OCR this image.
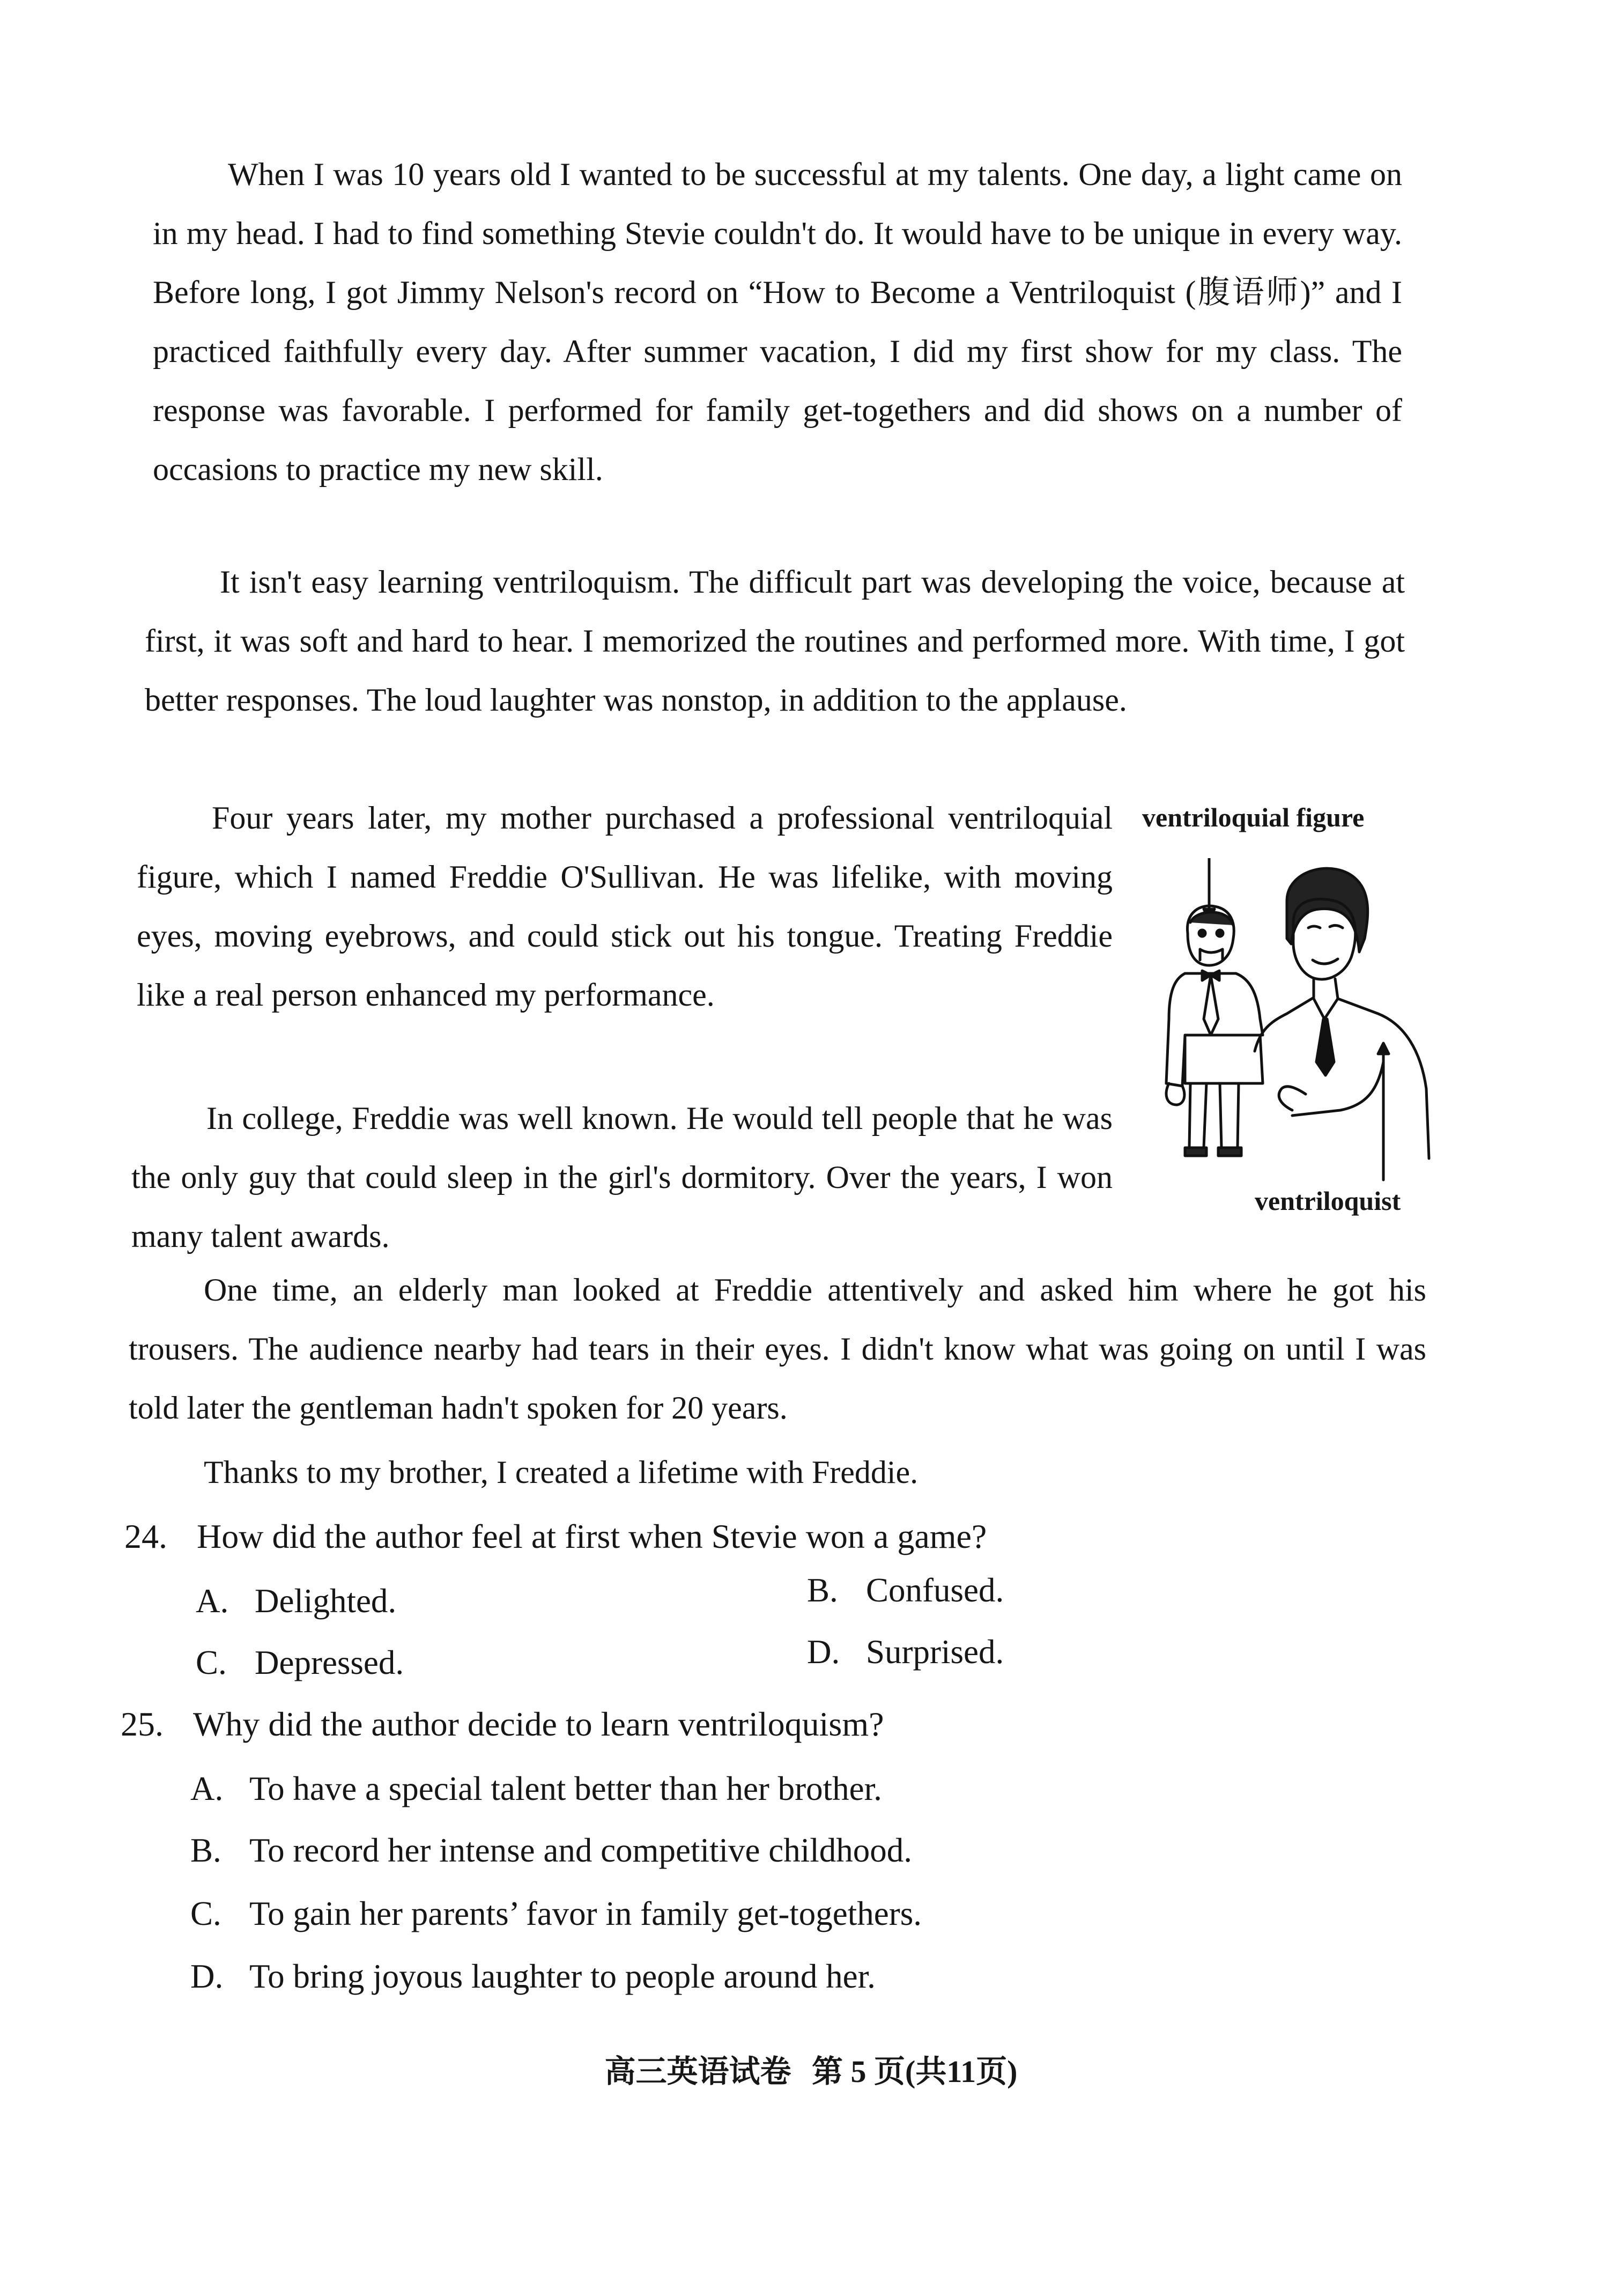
When I was 10 years old I wanted to be successful at my talents. One day, a light came on in my head. I had to find something Stevie couldn't do. It would have to be unique in every way. Before long, I got Jimmy Nelson's record on “How to Become a Ventriloquist (腹语师)” and I practiced faithfully every day. After summer vacation, I did my first show for my class. The response was favorable. I performed for family get-togethers and did shows on a number of occasions to practice my new skill.

It isn't easy learning ventriloquism. The difficult part was developing the voice, because at first, it was soft and hard to hear. I memorized the routines and performed more. With time, I got better responses. The loud laughter was nonstop, in addition to the applause.

Four years later, my mother purchased a professional ventriloquial figure, which I named Freddie O'Sullivan. He was lifelike, with moving eyes, moving eyebrows, and could stick out his tongue. Treating Freddie like a real person enhanced my performance.

In college, Freddie was well known. He would tell people that he was the only guy that could sleep in the girl's dormitory. Over the years, I won many talent awards.

One time, an elderly man looked at Freddie attentively and asked him where he got his trousers. The audience nearby had tears in their eyes. I didn't know what was going on until I was told later the gentleman hadn't spoken for 20 years.

Thanks to my brother, I created a lifetime with Freddie.

ventriloquial figure
ventriloquist
24. How did the author feel at first when Stevie won a game?
A. Delighted.	B. Confused.
C. Depressed.	D. Surprised.
25. Why did the author decide to learn ventriloquism?
A. To have a special talent better than her brother.
B. To record her intense and competitive childhood.
C. To gain her parents’ favor in family get-togethers.
D. To bring joyous laughter to people around her.
高三英语试卷 第 5 页(共11页)
